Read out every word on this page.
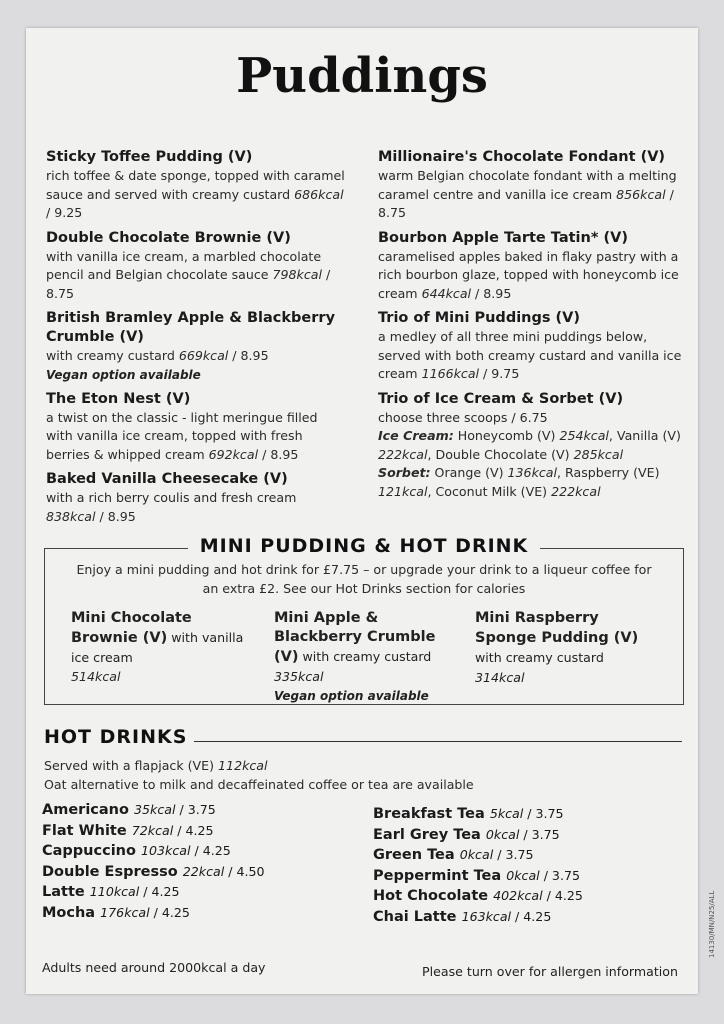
Puddings
Sticky Toffee Pudding (V)
rich toffee & date sponge, topped with caramel sauce and served with creamy custard 686kcal / 9.25
Double Chocolate Brownie (V)
with vanilla ice cream, a marbled chocolate pencil and Belgian chocolate sauce 798kcal / 8.75
British Bramley Apple & Blackberry Crumble (V)
with creamy custard 669kcal / 8.95
Vegan option available
The Eton Nest (V)
a twist on the classic - light meringue filled with vanilla ice cream, topped with fresh berries & whipped cream 692kcal / 8.95
Baked Vanilla Cheesecake (V)
with a rich berry coulis and fresh cream 838kcal / 8.95
Millionaire's Chocolate Fondant (V)
warm Belgian chocolate fondant with a melting caramel centre and vanilla ice cream 856kcal / 8.75
Bourbon Apple Tarte Tatin* (V)
caramelised apples baked in flaky pastry with a rich bourbon glaze, topped with honeycomb ice cream 644kcal / 8.95
Trio of Mini Puddings (V)
a medley of all three mini puddings below, served with both creamy custard and vanilla ice cream 1166kcal / 9.75
Trio of Ice Cream & Sorbet (V)
choose three scoops / 6.75
Ice Cream: Honeycomb (V) 254kcal, Vanilla (V) 222kcal, Double Chocolate (V) 285kcal
Sorbet: Orange (V) 136kcal, Raspberry (VE) 121kcal, Coconut Milk (VE) 222kcal
MINI PUDDING & HOT DRINK
Enjoy a mini pudding and hot drink for £7.75 – or upgrade your drink to a liqueur coffee for an extra £2. See our Hot Drinks section for calories
Mini Chocolate Brownie (V) with vanilla ice cream
514kcal
Mini Apple & Blackberry Crumble (V) with creamy custard 335kcal
Vegan option available
Mini Raspberry Sponge Pudding (V) with creamy custard 314kcal
HOT DRINKS
Served with a flapjack (VE) 112kcal
Oat alternative to milk and decaffeinated coffee or tea are available
Americano 35kcal / 3.75
Flat White 72kcal / 4.25
Cappuccino 103kcal / 4.25
Double Espresso 22kcal / 4.50
Latte 110kcal / 4.25
Mocha 176kcal / 4.25
Breakfast Tea 5kcal / 3.75
Earl Grey Tea 0kcal / 3.75
Green Tea 0kcal / 3.75
Peppermint Tea 0kcal / 3.75
Hot Chocolate 402kcal / 4.25
Chai Latte 163kcal / 4.25
Adults need around 2000kcal a day	Please turn over for allergen information
14130/MN/N25/ALL
